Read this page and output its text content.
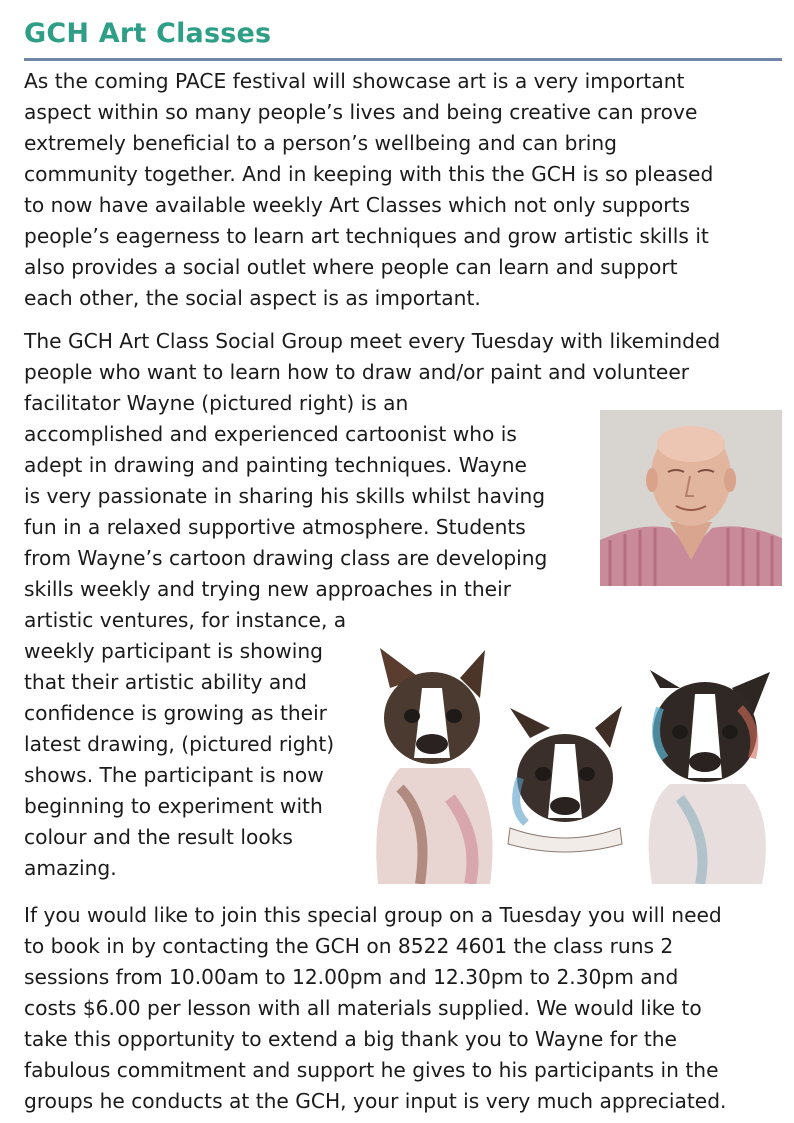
GCH Art Classes
As the coming PACE festival will showcase art is a very important
aspect within so many people’s lives and being creative can prove
extremely beneficial to a person’s wellbeing and can bring
community together. And in keeping with this the GCH is so pleased
to now have available weekly Art Classes which not only supports
people’s eagerness to learn art techniques and grow artistic skills it
also provides a social outlet where people can learn and support
each other, the social aspect is as important.
The GCH Art Class Social Group meet every Tuesday with likeminded
people who want to learn how to draw and/or paint and volunteer
facilitator Wayne (pictured right) is an
accomplished and experienced cartoonist who is
adept in drawing and painting techniques. Wayne
is very passionate in sharing his skills whilst having
fun in a relaxed supportive atmosphere. Students
from Wayne’s cartoon drawing class are developing
skills weekly and trying new approaches in their
artistic ventures, for instance, a
weekly participant is showing
that their artistic ability and
confidence is growing as their
latest drawing, (pictured right)
shows. The participant is now
beginning to experiment with
colour and the result looks
amazing.
If you would like to join this special group on a Tuesday you will need
to book in by contacting the GCH on 8522 4601 the class runs 2
sessions from 10.00am to 12.00pm and 12.30pm to 2.30pm and
costs $6.00 per lesson with all materials supplied. We would like to
take this opportunity to extend a big thank you to Wayne for the
fabulous commitment and support he gives to his participants in the
groups he conducts at the GCH, your input is very much appreciated.
